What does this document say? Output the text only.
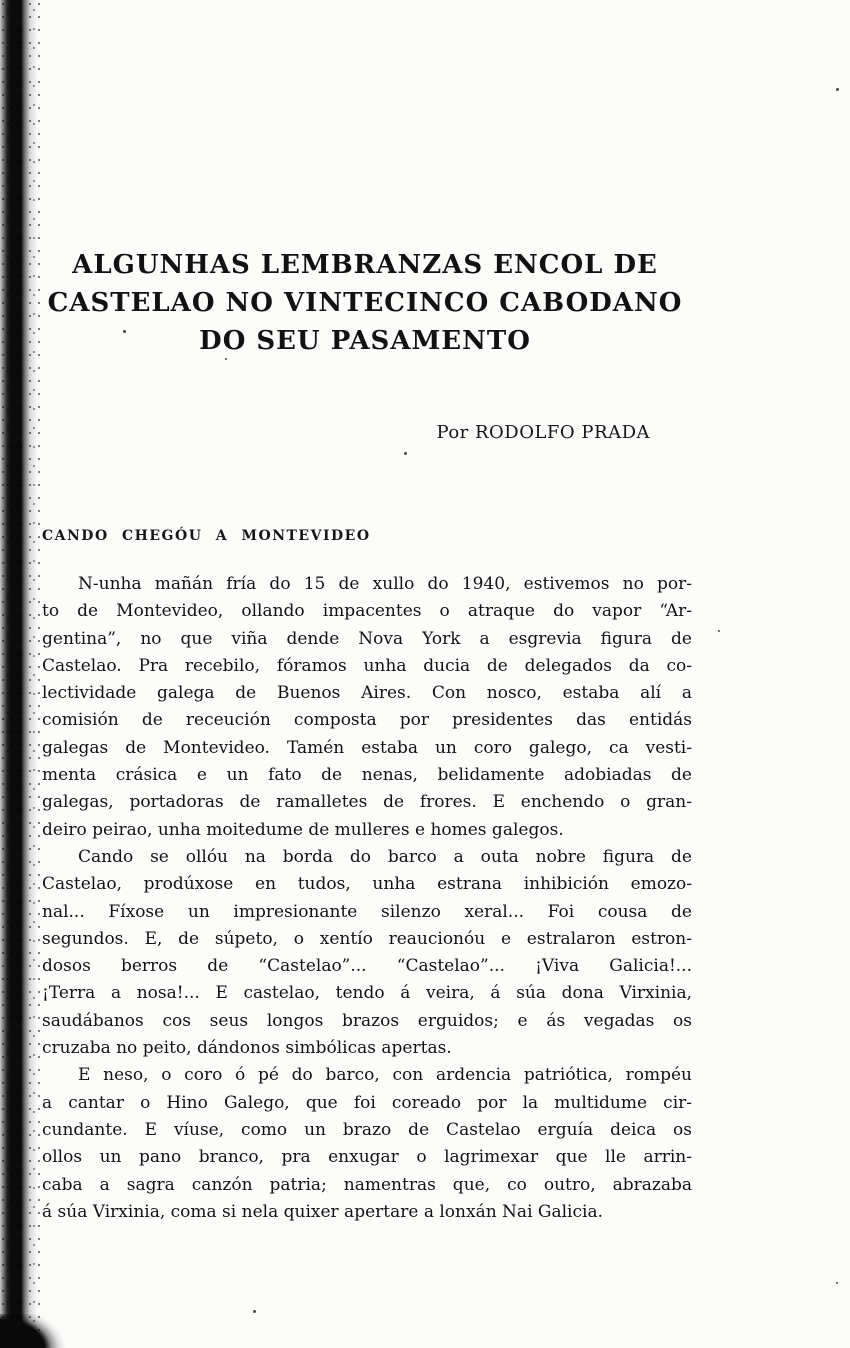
ALGUNHAS LEMBRANZAS ENCOL DE
CASTELAO NO VINTECINCO CABODANO
DO SEU PASAMENTO
Por RODOLFO PRADA
CANDO CHEGÓU A MONTEVIDEO
N-unha mañán fría do 15 de xullo do 1940, estivemos no por-
to de Montevideo, ollando impacentes o atraque do vapor “Ar-
gentina”, no que viña dende Nova York a esgrevia figura de
Castelao. Pra recebilo, fóramos unha ducia de delegados da co-
lectividade galega de Buenos Aires. Con nosco, estaba alí a
comisión de receución composta por presidentes das entidás
galegas de Montevideo. Tamén estaba un coro galego, ca vesti-
menta crásica e un fato de nenas, belidamente adobiadas de
galegas, portadoras de ramalletes de frores. E enchendo o gran-
deiro peirao, unha moitedume de mulleres e homes galegos.
Cando se ollóu na borda do barco a outa nobre figura de
Castelao, prodúxose en tudos, unha estrana inhibición emozo-
nal... Fíxose un impresionante silenzo xeral... Foi cousa de
segundos. E, de súpeto, o xentío reaucionóu e estralaron estron-
dosos berros de “Castelao”... “Castelao”... ¡Viva Galicia!...
¡Terra a nosa!... E castelao, tendo á veira, á súa dona Virxinia,
saudábanos cos seus longos brazos erguidos; e ás vegadas os
cruzaba no peito, dándonos simbólicas apertas.
E neso, o coro ó pé do barco, con ardencia patriótica, rompéu
a cantar o Hino Galego, que foi coreado por la multidume cir-
cundante. E víuse, como un brazo de Castelao erguía deica os
ollos un pano branco, pra enxugar o lagrimexar que lle arrin-
caba a sagra canzón patria; namentras que, co outro, abrazaba
á súa Virxinia, coma si nela quixer apertare a lonxán Nai Galicia.
